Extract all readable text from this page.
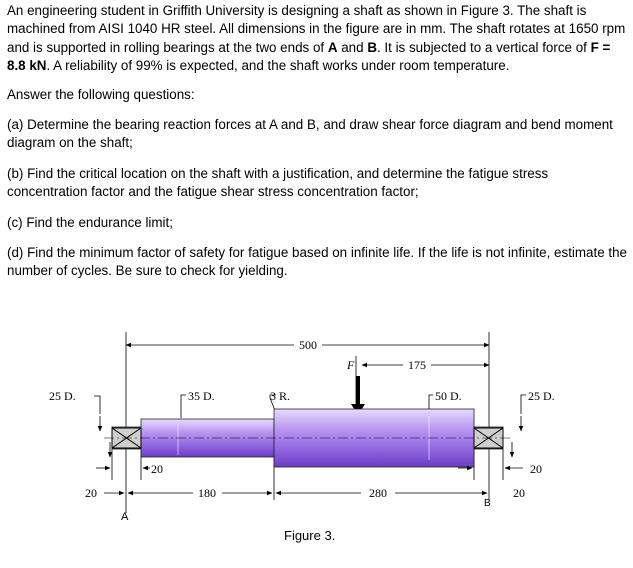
An engineering student in Griffith University is designing a shaft as shown in Figure 3. The shaft is machined from AISI 1040 HR steel. All dimensions in the figure are in mm. The shaft rotates at 1650 rpm and is supported in rolling bearings at the two ends of A and B. It is subjected to a vertical force of F = 8.8 kN. A reliability of 99% is expected, and the shaft works under room temperature.

Answer the following questions:

(a) Determine the bearing reaction forces at A and B, and draw shear force diagram and bend moment diagram on the shaft;

(b) Find the critical location on the shaft with a justification, and determine the fatigue stress concentration factor and the fatigue shear stress concentration factor;

(c) Find the endurance limit;

(d) Find the minimum factor of safety for fatigue based on infinite life. If the life is not infinite, estimate the number of cycles. Be sure to check for yielding.

500
175
F
25 D.	35 D.	3 R.	50 D.	25 D.
20
20	180	280
20
20
A
B
Figure 3.
